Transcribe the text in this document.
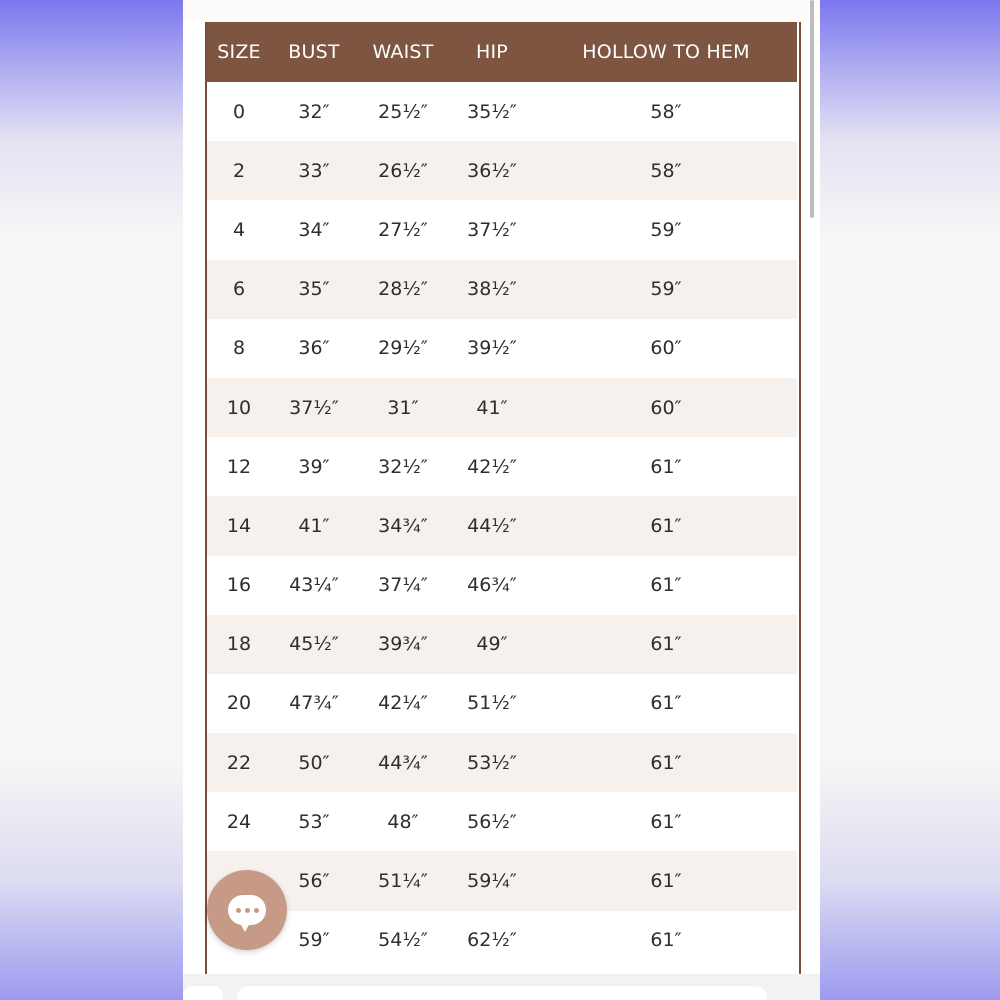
SIZE	BUST	WAIST	HIP	HOLLOW TO HEM
0	32″	25½″	35½″	58″
2	33″	26½″	36½″	58″
4	34″	27½″	37½″	59″
6	35″	28½″	38½″	59″
8	36″	29½″	39½″	60″
10	37½″	31″	41″	60″
12	39″	32½″	42½″	61″
14	41″	34¾″	44½″	61″
16	43¼″	37¼″	46¾″	61″
18	45½″	39¾″	49″	61″
20	47¾″	42¼″	51½″	61″
22	50″	44¾″	53½″	61″
24	53″	48″	56½″	61″
	56″	51¼″	59¼″	61″
	59″	54½″	62½″	61″
